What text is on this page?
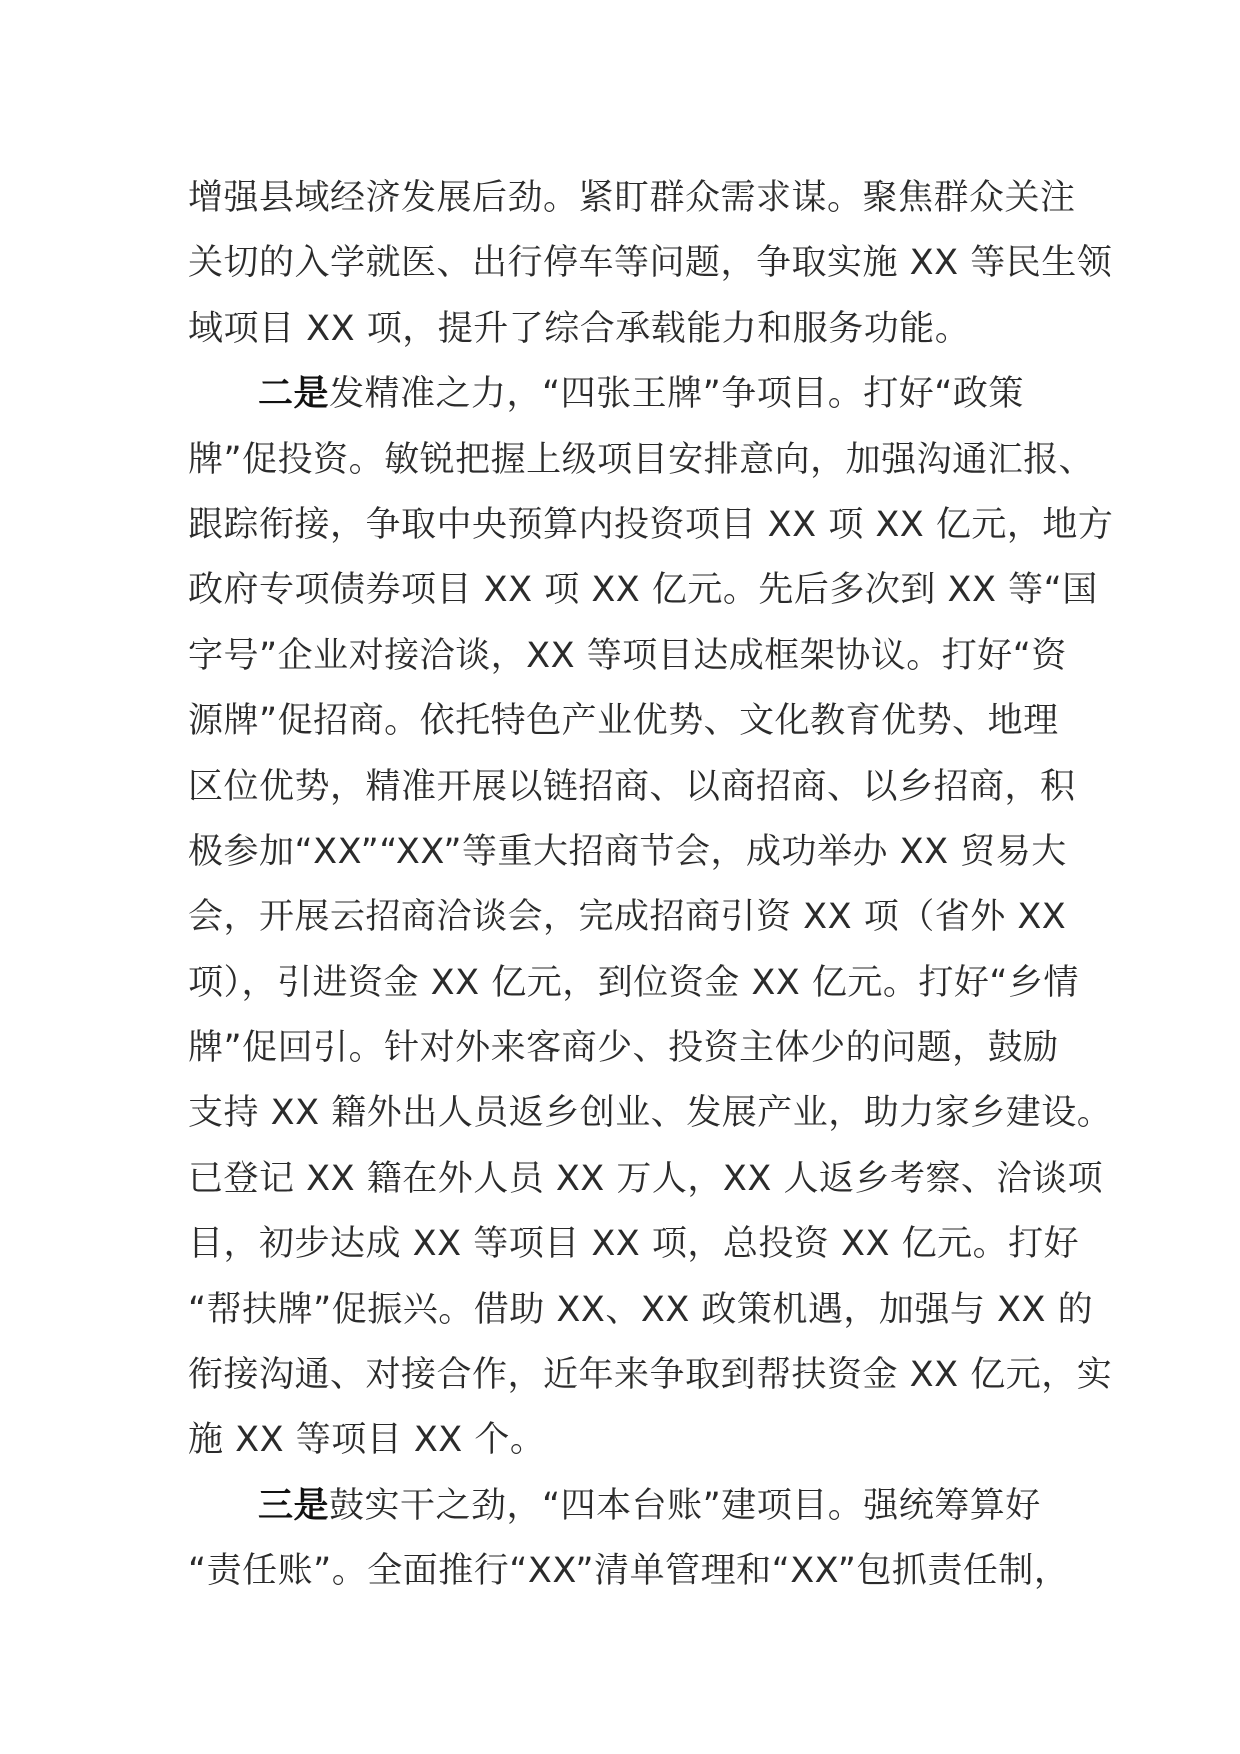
增强县域经济发展后劲。紧盯群众需求谋。聚焦群众关注
关切的入学就医、出行停车等问题，争取实施 XX 等民生领
域项目 XX 项，提升了综合承载能力和服务功能。
二是发精准之力，“四张王牌”争项目。打好“政策
牌”促投资。敏锐把握上级项目安排意向，加强沟通汇报、
跟踪衔接，争取中央预算内投资项目 XX 项 XX 亿元，地方
政府专项债券项目 XX 项 XX 亿元。先后多次到 XX 等“国
字号”企业对接洽谈，XX 等项目达成框架协议。打好“资
源牌”促招商。依托特色产业优势、文化教育优势、地理
区位优势，精准开展以链招商、以商招商、以乡招商，积
极参加“XX”“XX”等重大招商节会，成功举办 XX 贸易大
会，开展云招商洽谈会，完成招商引资 XX 项（省外 XX
项），引进资金 XX 亿元，到位资金 XX 亿元。打好“乡情
牌”促回引。针对外来客商少、投资主体少的问题，鼓励
支持 XX 籍外出人员返乡创业、发展产业，助力家乡建设。
已登记 XX 籍在外人员 XX 万人，XX 人返乡考察、洽谈项
目，初步达成 XX 等项目 XX 项，总投资 XX 亿元。打好
“帮扶牌”促振兴。借助 XX、XX 政策机遇，加强与 XX 的
衔接沟通、对接合作，近年来争取到帮扶资金 XX 亿元，实
施 XX 等项目 XX 个。
三是鼓实干之劲，“四本台账”建项目。强统筹算好
“责任账”。全面推行“XX”清单管理和“XX”包抓责任制，
